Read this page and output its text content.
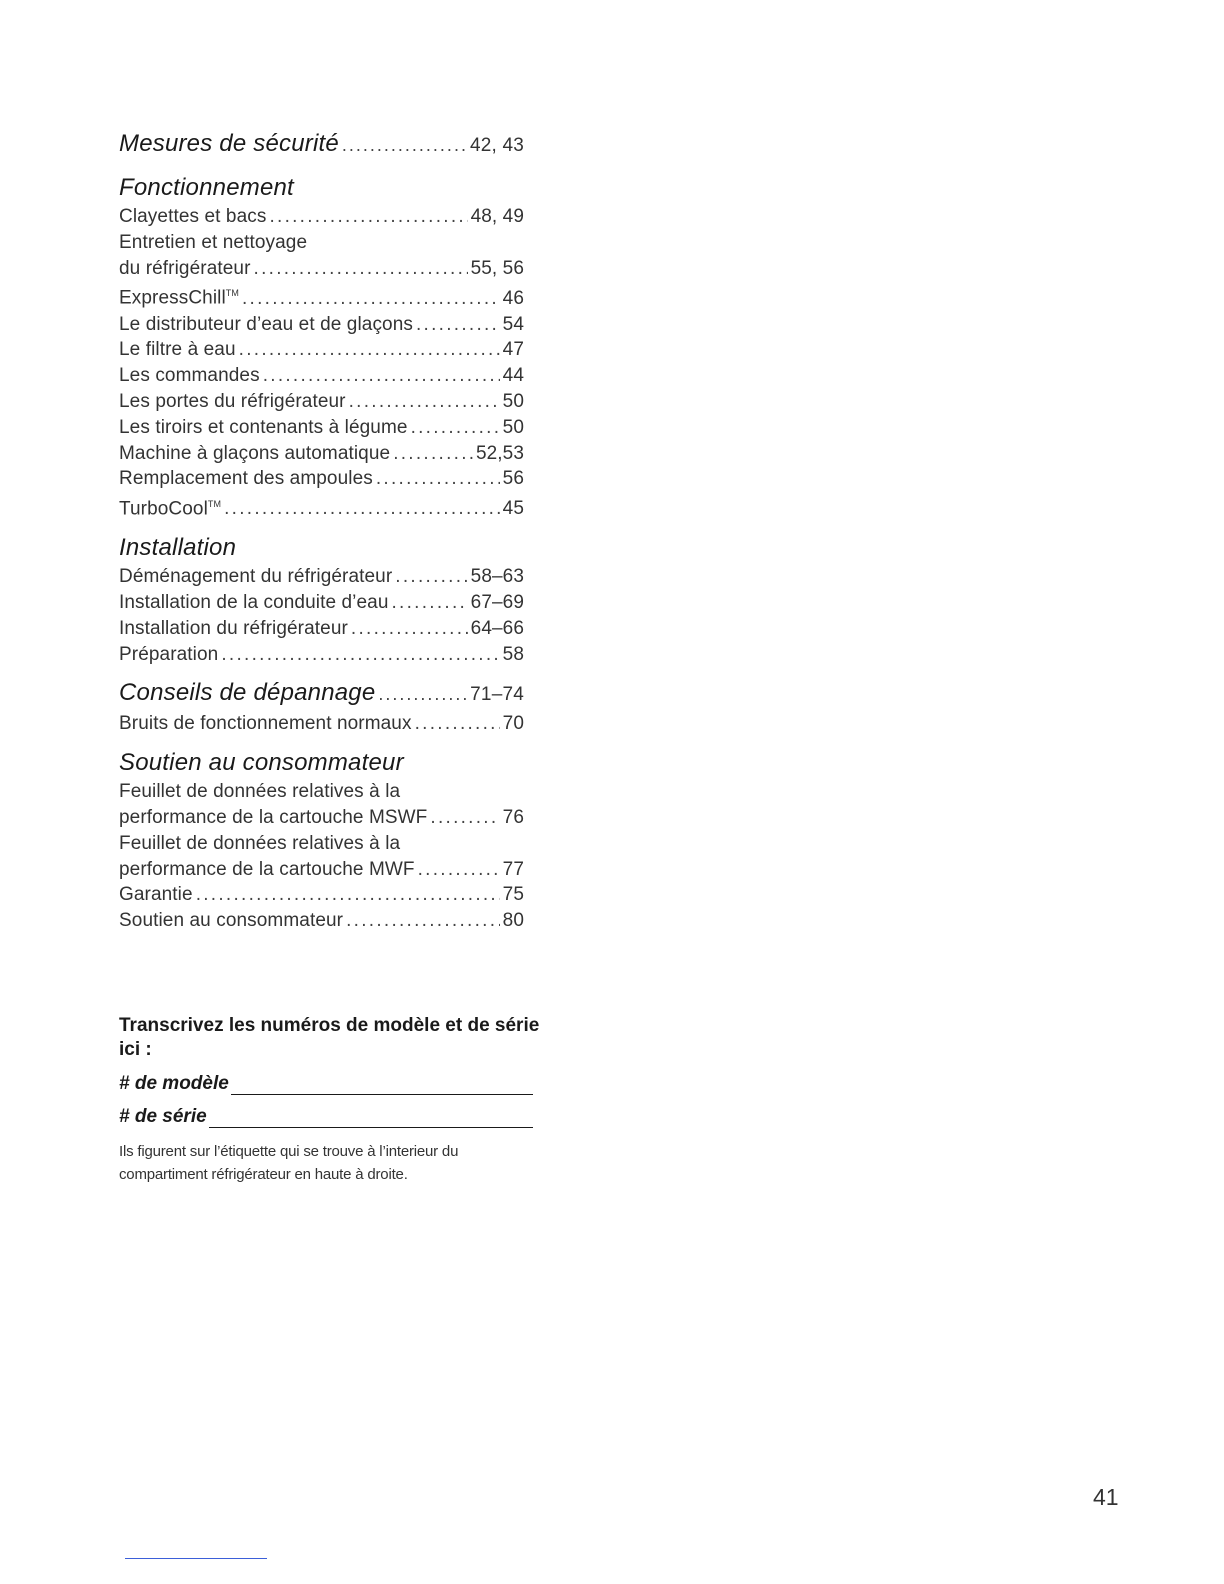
Mesures de sécurité . . .	42, 43
Fonctionnement
Clayettes et bacs . . .	48, 49
Entretien et nettoyage
du réfrigérateur . . .	55, 56
ExpressChill™ . . .	46
Le distributeur d’eau et de glaçons . . .	54
Le filtre à eau . . .	47
Les commandes . . .	44
Les portes du réfrigérateur . . .	50
Les tiroirs et contenants à légume . . .	50
Machine à glaçons automatique . . .	52,53
Remplacement des ampoules . . .	56
TurboCool™ . . .	45
Installation
Déménagement du réfrigérateur . . .	58–63
Installation de la conduite d’eau . . .	67–69
Installation du réfrigérateur . . .	64–66
Préparation . . .	58
Conseils de dépannage . . .	71–74
Bruits de fonctionnement normaux . . .	70
Soutien au consommateur
Feuillet de données relatives à la
performance de la cartouche MSWF . . .	76
Feuillet de données relatives à la
performance de la cartouche MWF . . .	77
Garantie . . .	75
Soutien au consommateur . . .	80
Transcrivez les numéros de modèle et de série ici :
# de modèle
# de série
Ils figurent sur l’étiquette qui se trouve à l’interieur du compartiment réfrigérateur en haute à droite.
41
